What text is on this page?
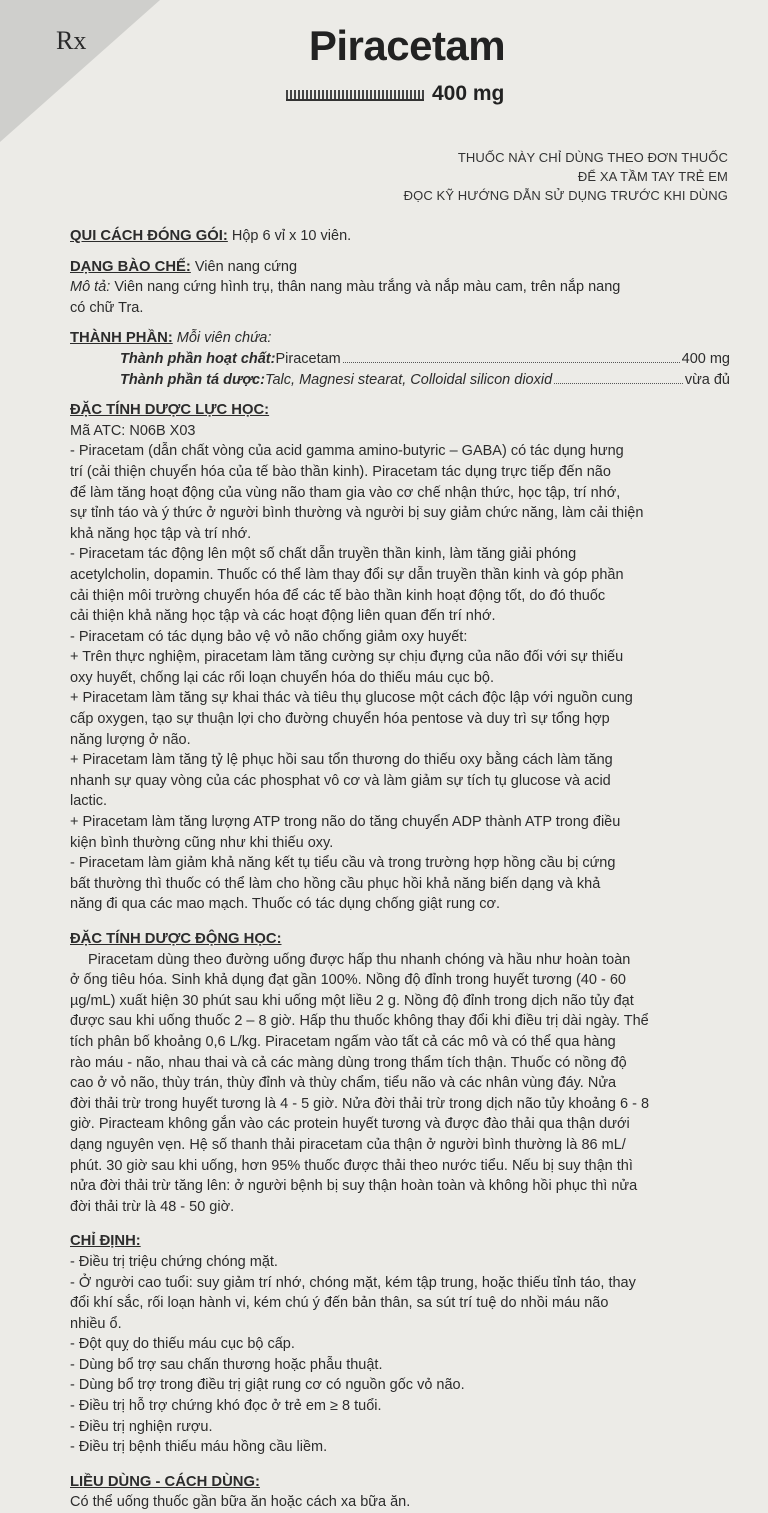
Rx	Piracetam
400 mg
THUỐC NÀY CHỈ DÙNG THEO ĐƠN THUỐC
ĐỂ XA TẦM TAY TRẺ EM
ĐỌC KỸ HƯỚNG DẪN SỬ DỤNG TRƯỚC KHI DÙNG
QUI CÁCH ĐÓNG GÓI: Hộp 6 vỉ x 10 viên.
DẠNG BÀO CHẾ: Viên nang cứng
Mô tả: Viên nang cứng hình trụ, thân nang màu trắng và nắp màu cam, trên nắp nang
có chữ Tra.
THÀNH PHẦN: Mỗi viên chứa:
Thành phần hoạt chất: Piracetam	400 mg
Thành phần tá dược: Talc, Magnesi stearat, Colloidal silicon dioxid	vừa đủ
ĐẶC TÍNH DƯỢC LỰC HỌC:
Mã ATC: N06B X03
- Piracetam (dẫn chất vòng của acid gamma amino-butyric – GABA) có tác dụng hưng
trí (cải thiện chuyển hóa của tế bào thần kinh). Piracetam tác dụng trực tiếp đến não
để làm tăng hoạt động của vùng não tham gia vào cơ chế nhận thức, học tập, trí nhớ,
sự tỉnh táo và ý thức ở người bình thường và người bị suy giảm chức năng, làm cải thiện
khả năng học tập và trí nhớ.
- Piracetam tác động lên một số chất dẫn truyền thần kinh, làm tăng giải phóng
acetylcholin, dopamin. Thuốc có thể làm thay đổi sự dẫn truyền thần kinh và góp phần
cải thiện môi trường chuyển hóa để các tế bào thần kinh hoạt động tốt, do đó thuốc
cải thiện khả năng học tập và các hoạt động liên quan đến trí nhớ.
- Piracetam có tác dụng bảo vệ vỏ não chống giảm oxy huyết:
+ Trên thực nghiệm, piracetam làm tăng cường sự chịu đựng của não đối với sự thiếu
oxy huyết, chống lại các rối loạn chuyển hóa do thiếu máu cục bộ.
+ Piracetam làm tăng sự khai thác và tiêu thụ glucose một cách độc lập với nguồn cung
cấp oxygen, tạo sự thuận lợi cho đường chuyển hóa pentose và duy trì sự tổng hợp
năng lượng ở não.
+ Piracetam làm tăng tỷ lệ phục hồi sau tổn thương do thiếu oxy bằng cách làm tăng
nhanh sự quay vòng của các phosphat vô cơ và làm giảm sự tích tụ glucose và acid
lactic.
+ Piracetam làm tăng lượng ATP trong não do tăng chuyển ADP thành ATP trong điều
kiện bình thường cũng như khi thiếu oxy.
- Piracetam làm giảm khả năng kết tụ tiểu cầu và trong trường hợp hồng cầu bị cứng
bất thường thì thuốc có thể làm cho hồng cầu phục hồi khả năng biến dạng và khả
năng đi qua các mao mạch. Thuốc có tác dụng chống giật rung cơ.
ĐẶC TÍNH DƯỢC ĐỘNG HỌC:
Piracetam dùng theo đường uống được hấp thu nhanh chóng và hầu như hoàn toàn
ở ống tiêu hóa. Sinh khả dụng đạt gần 100%. Nồng độ đỉnh trong huyết tương (40 - 60
µg/mL) xuất hiện 30 phút sau khi uống một liều 2 g. Nồng độ đỉnh trong dịch não tủy đạt
được sau khi uống thuốc 2 – 8 giờ. Hấp thu thuốc không thay đổi khi điều trị dài ngày. Thể
tích phân bố khoảng 0,6 L/kg. Piracetam ngấm vào tất cả các mô và có thể qua hàng
rào máu - não, nhau thai và cả các màng dùng trong thẩm tích thận. Thuốc có nồng độ
cao ở vỏ não, thùy trán, thùy đỉnh và thùy chẩm, tiểu não và các nhân vùng đáy. Nửa
đời thải trừ trong huyết tương là 4 - 5 giờ. Nửa đời thải trừ trong dịch não tủy khoảng 6 - 8
giờ. Piracteam không gắn vào các protein huyết tương và được đào thải qua thận dưới
dạng nguyên vẹn. Hệ số thanh thải piracetam của thận ở người bình thường là 86 mL/
phút. 30 giờ sau khi uống, hơn 95% thuốc được thải theo nước tiểu. Nếu bị suy thận thì
nửa đời thải trừ tăng lên: ở người bệnh bị suy thận hoàn toàn và không hồi phục thì nửa
đời thải trừ là 48 - 50 giờ.
CHỈ ĐỊNH:
- Điều trị triệu chứng chóng mặt.
- Ở người cao tuổi: suy giảm trí nhớ, chóng mặt, kém tập trung, hoặc thiếu tỉnh táo, thay
đổi khí sắc, rối loạn hành vi, kém chú ý đến bản thân, sa sút trí tuệ do nhồi máu não
nhiều ổ.
- Đột quỵ do thiếu máu cục bộ cấp.
- Dùng bổ trợ sau chấn thương hoặc phẫu thuật.
- Dùng bổ trợ trong điều trị giật rung cơ có nguồn gốc vỏ não.
- Điều trị hỗ trợ chứng khó đọc ở trẻ em ≥ 8 tuổi.
- Điều trị nghiện rượu.
- Điều trị bệnh thiếu máu hồng cầu liềm.
LIỀU DÙNG - CÁCH DÙNG:
Có thể uống thuốc gần bữa ăn hoặc cách xa bữa ăn.
